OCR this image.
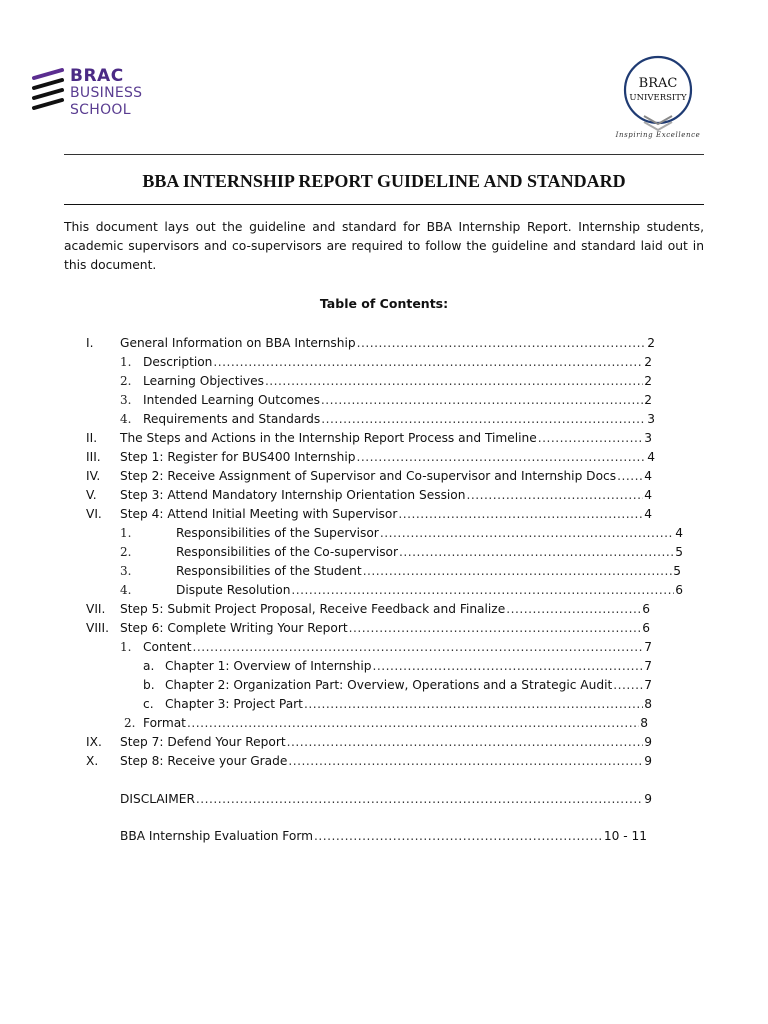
BRAC
BUSINESS
SCHOOL
BRAC
UNIVERSITY
Inspiring Excellence
BBA INTERNSHIP REPORT GUIDELINE AND STANDARD
This document lays out the guideline and standard for BBA Internship Report. Internship students, academic supervisors and co-supervisors are required to follow the guideline and standard laid out in this document.
Table of Contents:
I. General Information on BBA Internship .....	2
1. Description .....	2
2. Learning Objectives .....	2
3. Intended Learning Outcomes .....	2
4. Requirements and Standards .....	3
II. The Steps and Actions in the Internship Report Process and Timeline .....	3
III. Step 1: Register for BUS400 Internship .....	4
IV. Step 2: Receive Assignment of Supervisor and Co-supervisor and Internship Docs ..... 4
V. Step 3: Attend Mandatory Internship Orientation Session .....	4
VI. Step 4: Attend Initial Meeting with Supervisor .....	4
1.	Responsibilities of the Supervisor .....	4
2.	Responsibilities of the Co-supervisor .....	5
3.	Responsibilities of the Student .....	5
4.	Dispute Resolution .....	6
VII. Step 5: Submit Project Proposal, Receive Feedback and Finalize .....	6
VIII. Step 6: Complete Writing Your Report .....	6
1. Content .....	7
a. Chapter 1: Overview of Internship .....	7
b. Chapter 2: Organization Part: Overview, Operations and a Strategic Audit .....	7
c. Chapter 3: Project Part .....	8
2. Format .....	8
IX. Step 7: Defend Your Report .....	9
X. Step 8: Receive your Grade .....	9
DISCLAIMER .....	9
BBA Internship Evaluation Form .....	10 - 11
